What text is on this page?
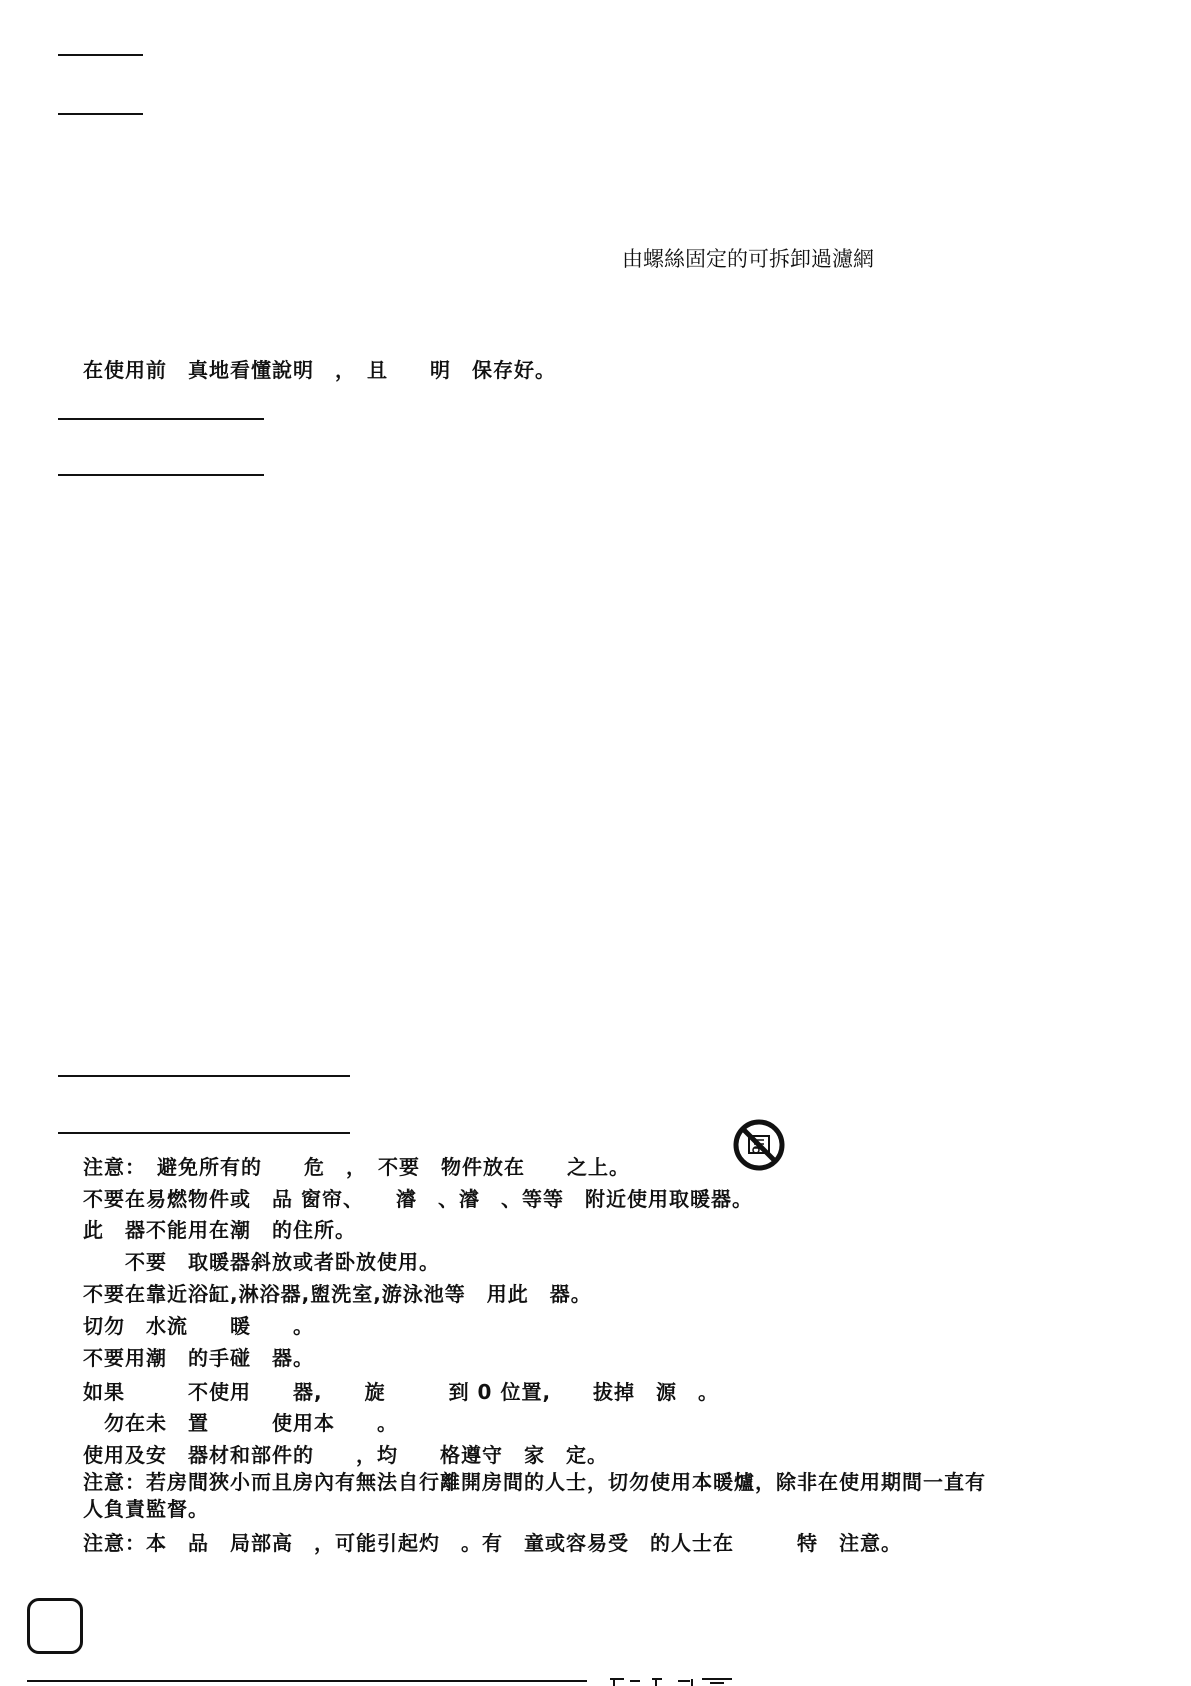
由螺絲固定的可拆卸過濾網
在使用前　真地看懂說明　，　且　　明　保存好。
注意：　避免所有的　　危　，　不要　物件放在　　之上。
不要在易燃物件或　品 窗帘、　　濬　、濬　、等等　附近使用取暖器。
此　器不能用在潮　的住所。
　　不要　取暖器斜放或者卧放使用。
不要在靠近浴缸,淋浴器,盥洗室,游泳池等　用此　器。
切勿　水流　　暖　　。
不要用潮　的手碰　器。
如果　　　不使用　　器,　　旋　　　到 0 位置,　　拔掉　源　。
　勿在未　置　　　使用本　　。
使用及安　器材和部件的　　，均　　格遵守　家　定。
注意：若房間狹小而且房內有無法自行離開房間的人士，切勿使用本暖爐，除非在使用期間一直有
人負責監督。
注意：本　品　局部高　，可能引起灼　。有　童或容易受　的人士在　　　特　注意。
